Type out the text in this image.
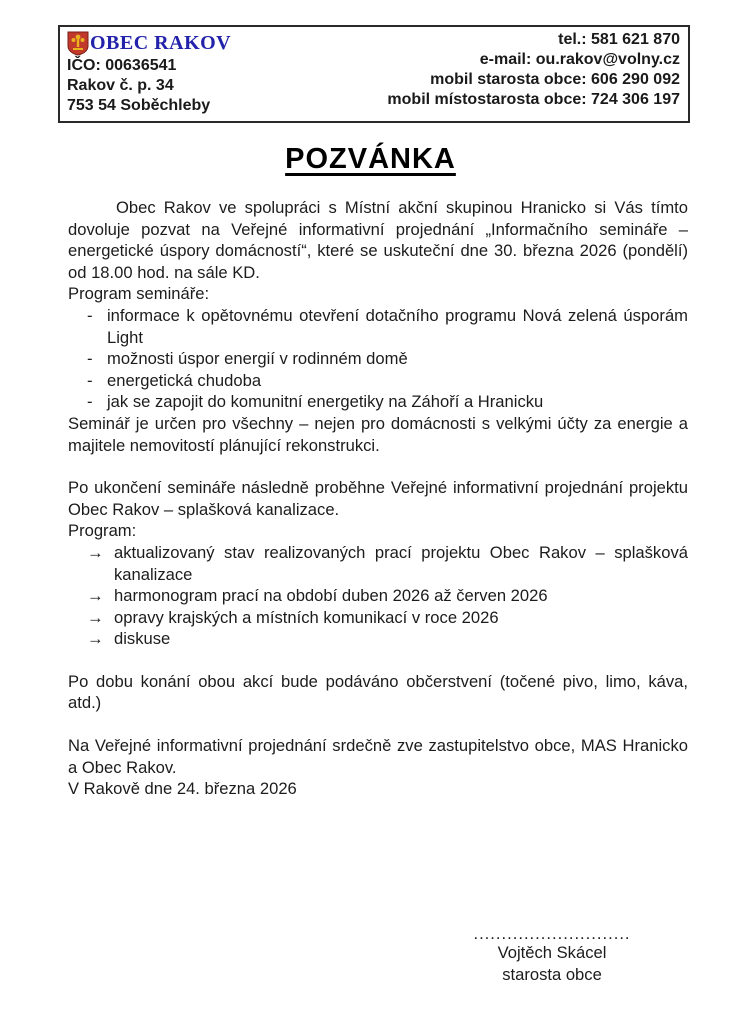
OBEC RAKOV
IČO: 00636541
Rakov č. p. 34
753 54 Soběchleby
tel.: 581 621 870
e-mail: ou.rakov@volny.cz
mobil starosta obce: 606 290 092
mobil místostarosta obce: 724 306 197
POZVÁNKA

Obec Rakov ve spolupráci s Místní akční skupinou Hranicko si Vás tímto dovoluje pozvat na Veřejné informativní projednání „Informačního semináře – energetické úspory domácností“, které se uskuteční dne 30. března 2026 (pondělí) od 18.00 hod. na sále KD.

Program semináře:

- informace k opětovnému otevření dotačního programu Nová zelená úsporám Light
- možnosti úspor energií v rodinném domě
- energetická chudoba
- jak se zapojit do komunitní energetiky na Záhoří a Hranicku

Seminář je určen pro všechny – nejen pro domácnosti s velkými účty za energie a majitele nemovitostí plánující rekonstrukci.

Po ukončení semináře následně proběhne Veřejné informativní projednání projektu Obec Rakov – splašková kanalizace.

Program:

→ aktualizovaný stav realizovaných prací projektu Obec Rakov – splašková kanalizace
→ harmonogram prací na období duben 2026 až červen 2026
→ opravy krajských a místních komunikací v roce 2026
→ diskuse

Po dobu konání obou akcí bude podáváno občerstvení (točené pivo, limo, káva, atd.)

Na Veřejné informativní projednání srdečně zve zastupitelstvo obce, MAS Hranicko a Obec Rakov.

V Rakově dne 24. března 2026

............................
Vojtěch Skácel
starosta obce
